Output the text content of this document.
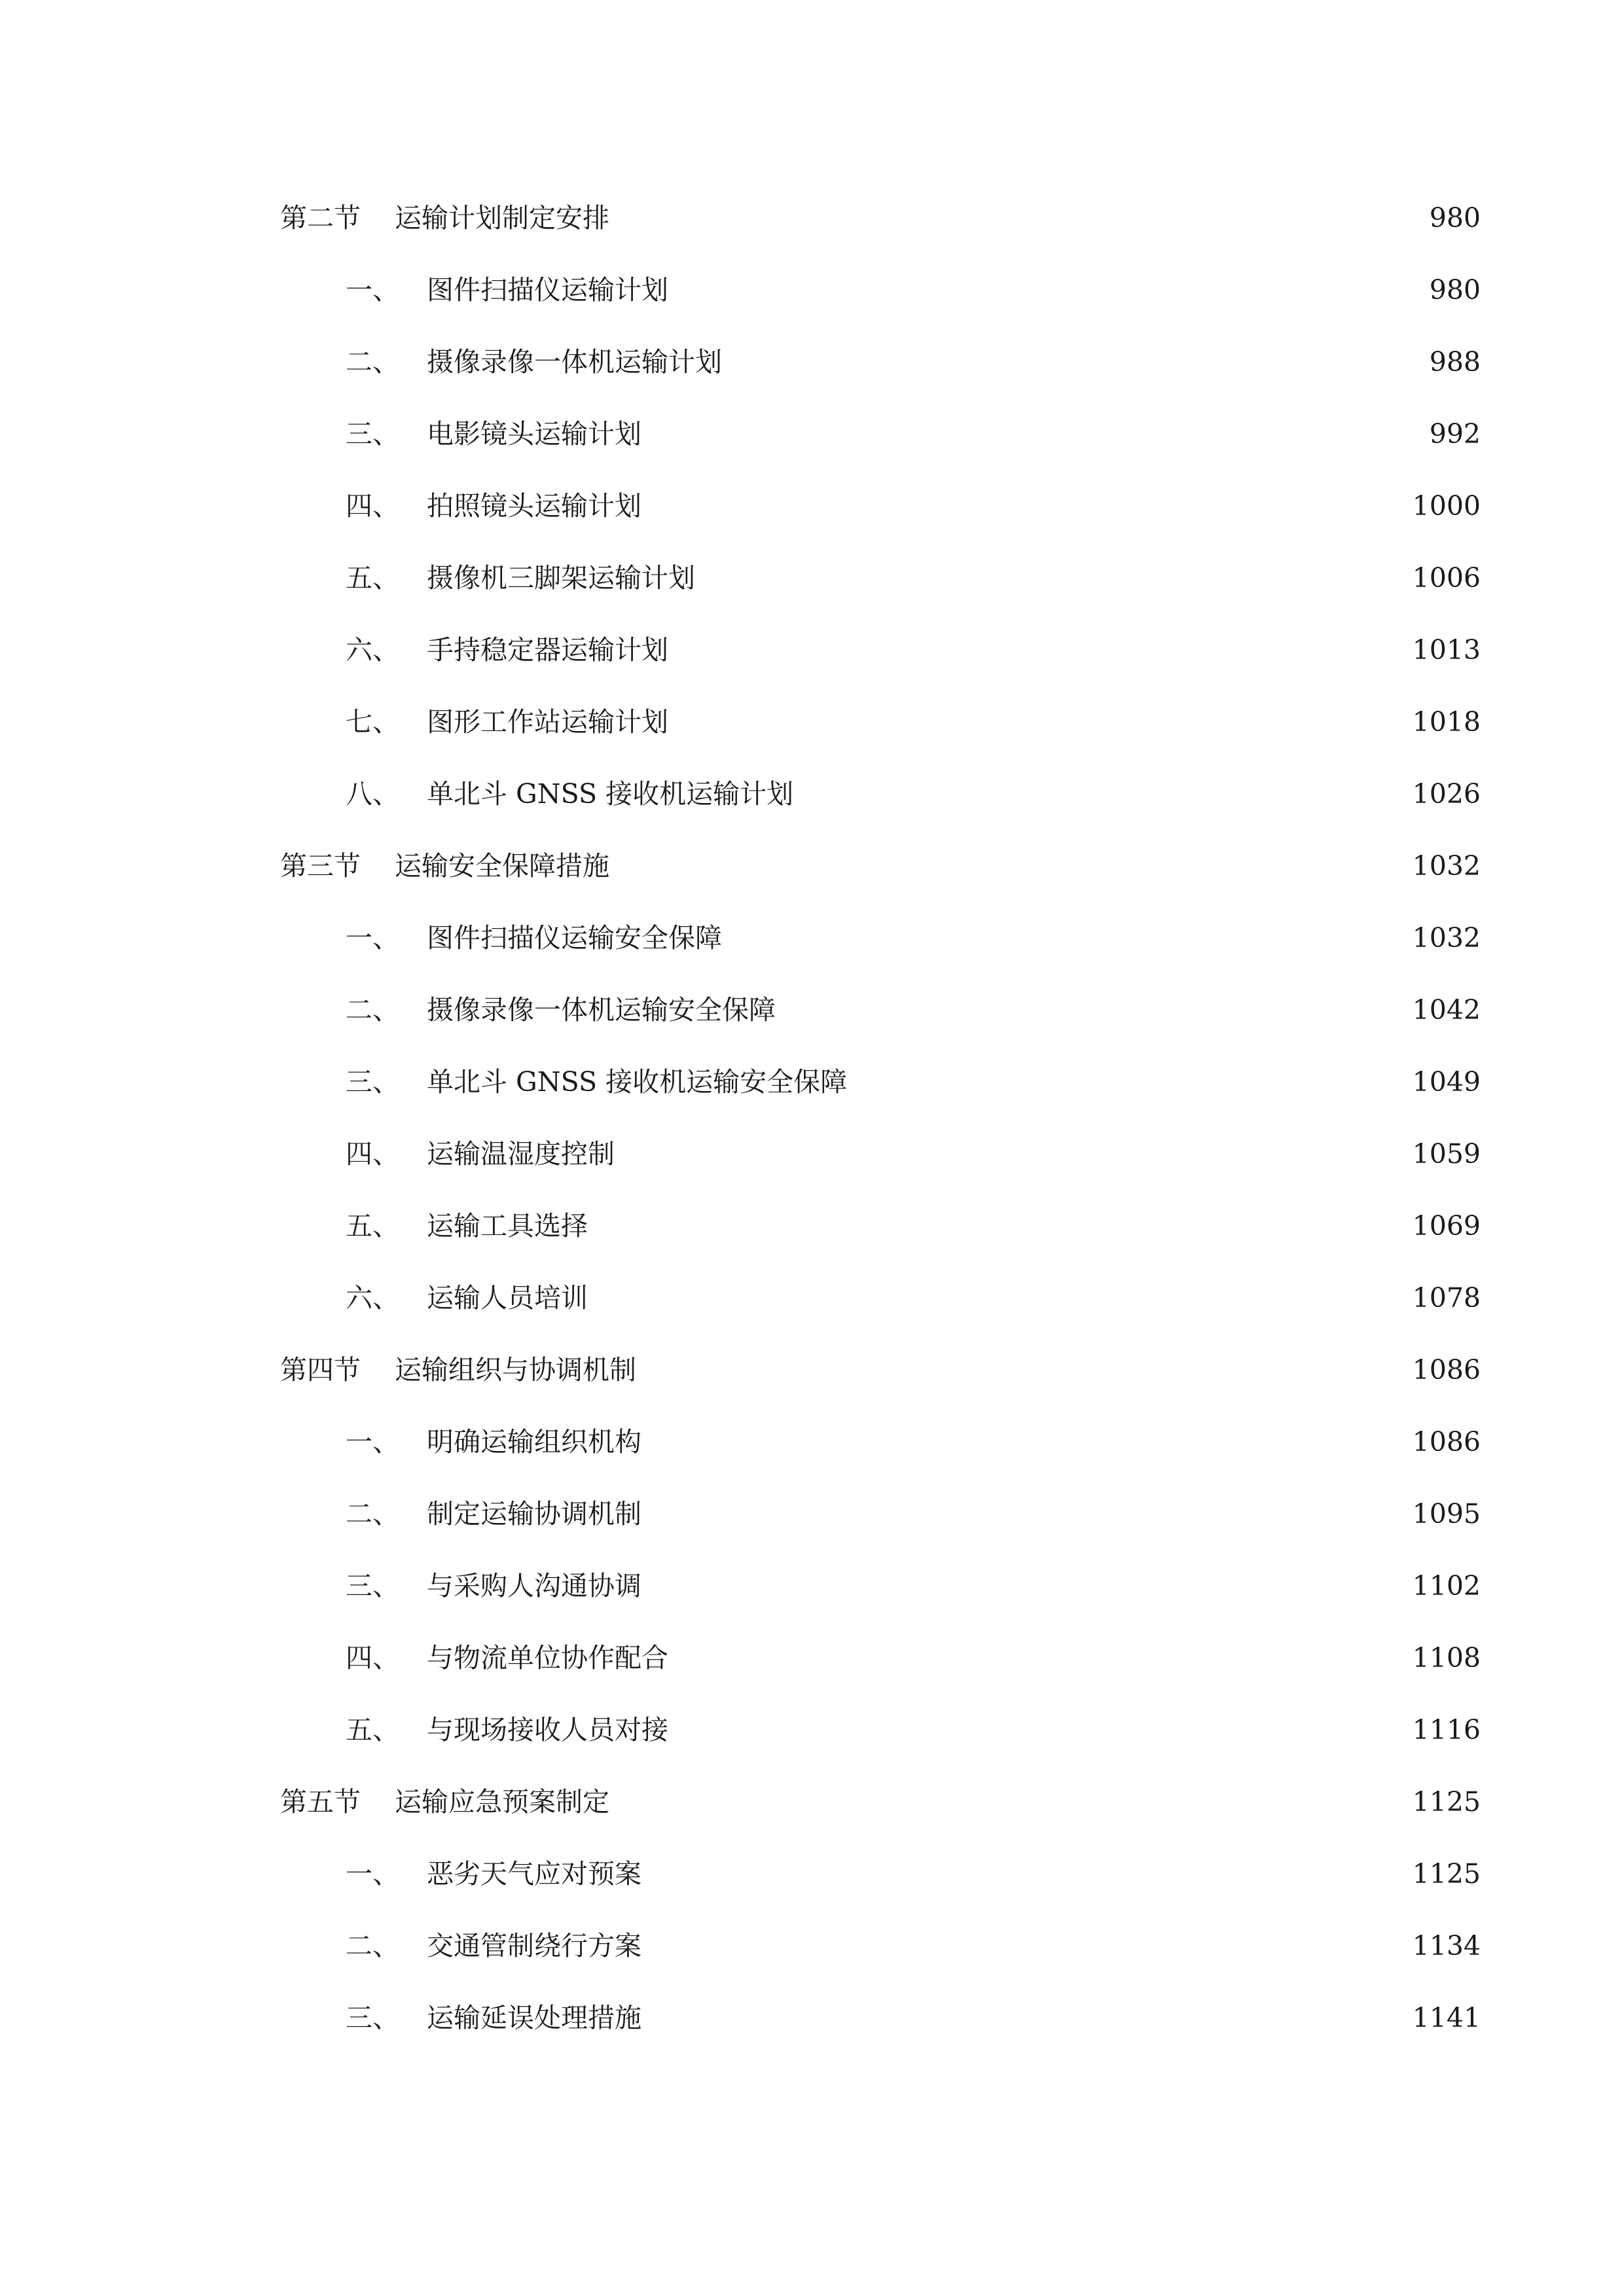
第二节	运输计划制定安排	980
一、	图件扫描仪运输计划	980
二、	摄像录像一体机运输计划	988
三、	电影镜头运输计划	992
四、	拍照镜头运输计划	1000
五、	摄像机三脚架运输计划	1006
六、	手持稳定器运输计划	1013
七、	图形工作站运输计划	1018
八、	单北斗 GNSS 接收机运输计划	1026
第三节	运输安全保障措施	1032
一、	图件扫描仪运输安全保障	1032
二、	摄像录像一体机运输安全保障	1042
三、	单北斗 GNSS 接收机运输安全保障	1049
四、	运输温湿度控制	1059
五、	运输工具选择	1069
六、	运输人员培训	1078
第四节	运输组织与协调机制	1086
一、	明确运输组织机构	1086
二、	制定运输协调机制	1095
三、	与采购人沟通协调	1102
四、	与物流单位协作配合	1108
五、	与现场接收人员对接	1116
第五节	运输应急预案制定	1125
一、	恶劣天气应对预案	1125
二、	交通管制绕行方案	1134
三、	运输延误处理措施	1141
